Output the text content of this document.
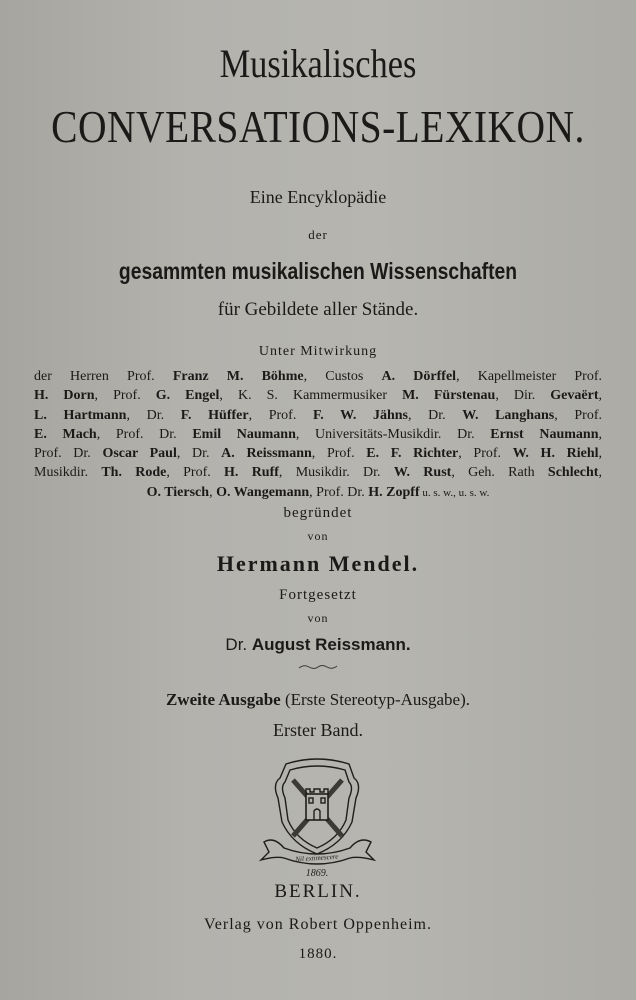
Musikalisches
CONVERSATIONS-LEXIKON.
Eine Encyklopädie
der
gesammten musikalischen Wissenschaften
für Gebildete aller Stände.
Unter Mitwirkung
der Herren Prof. Franz M. Böhme, Custos A. Dörffel, Kapellmeister Prof.
H. Dorn, Prof. G. Engel, K. S. Kammermusiker M. Fürstenau, Dir. Gevaërt,
L. Hartmann, Dr. F. Hüffer, Prof. F. W. Jähns, Dr. W. Langhans, Prof.
E. Mach, Prof. Dr. Emil Naumann, Universitäts-Musikdir. Dr. Ernst Naumann,
Prof. Dr. Oscar Paul, Dr. A. Reissmann, Prof. E. F. Richter, Prof. W. H. Riehl,
Musikdir. Th. Rode, Prof. H. Ruff, Musikdir. Dr. W. Rust, Geh. Rath Schlecht,
O. Tiersch, O. Wangemann, Prof. Dr. H. Zopff u. s. w., u. s. w.
begründet
von
Hermann Mendel.
Fortgesetzt
von
Dr. August Reissmann.
Zweite Ausgabe (Erste Stereotyp-Ausgabe).
Erster Band.
Nil extimescere
1869.
BERLIN.
Verlag von Robert Oppenheim.
1880.
